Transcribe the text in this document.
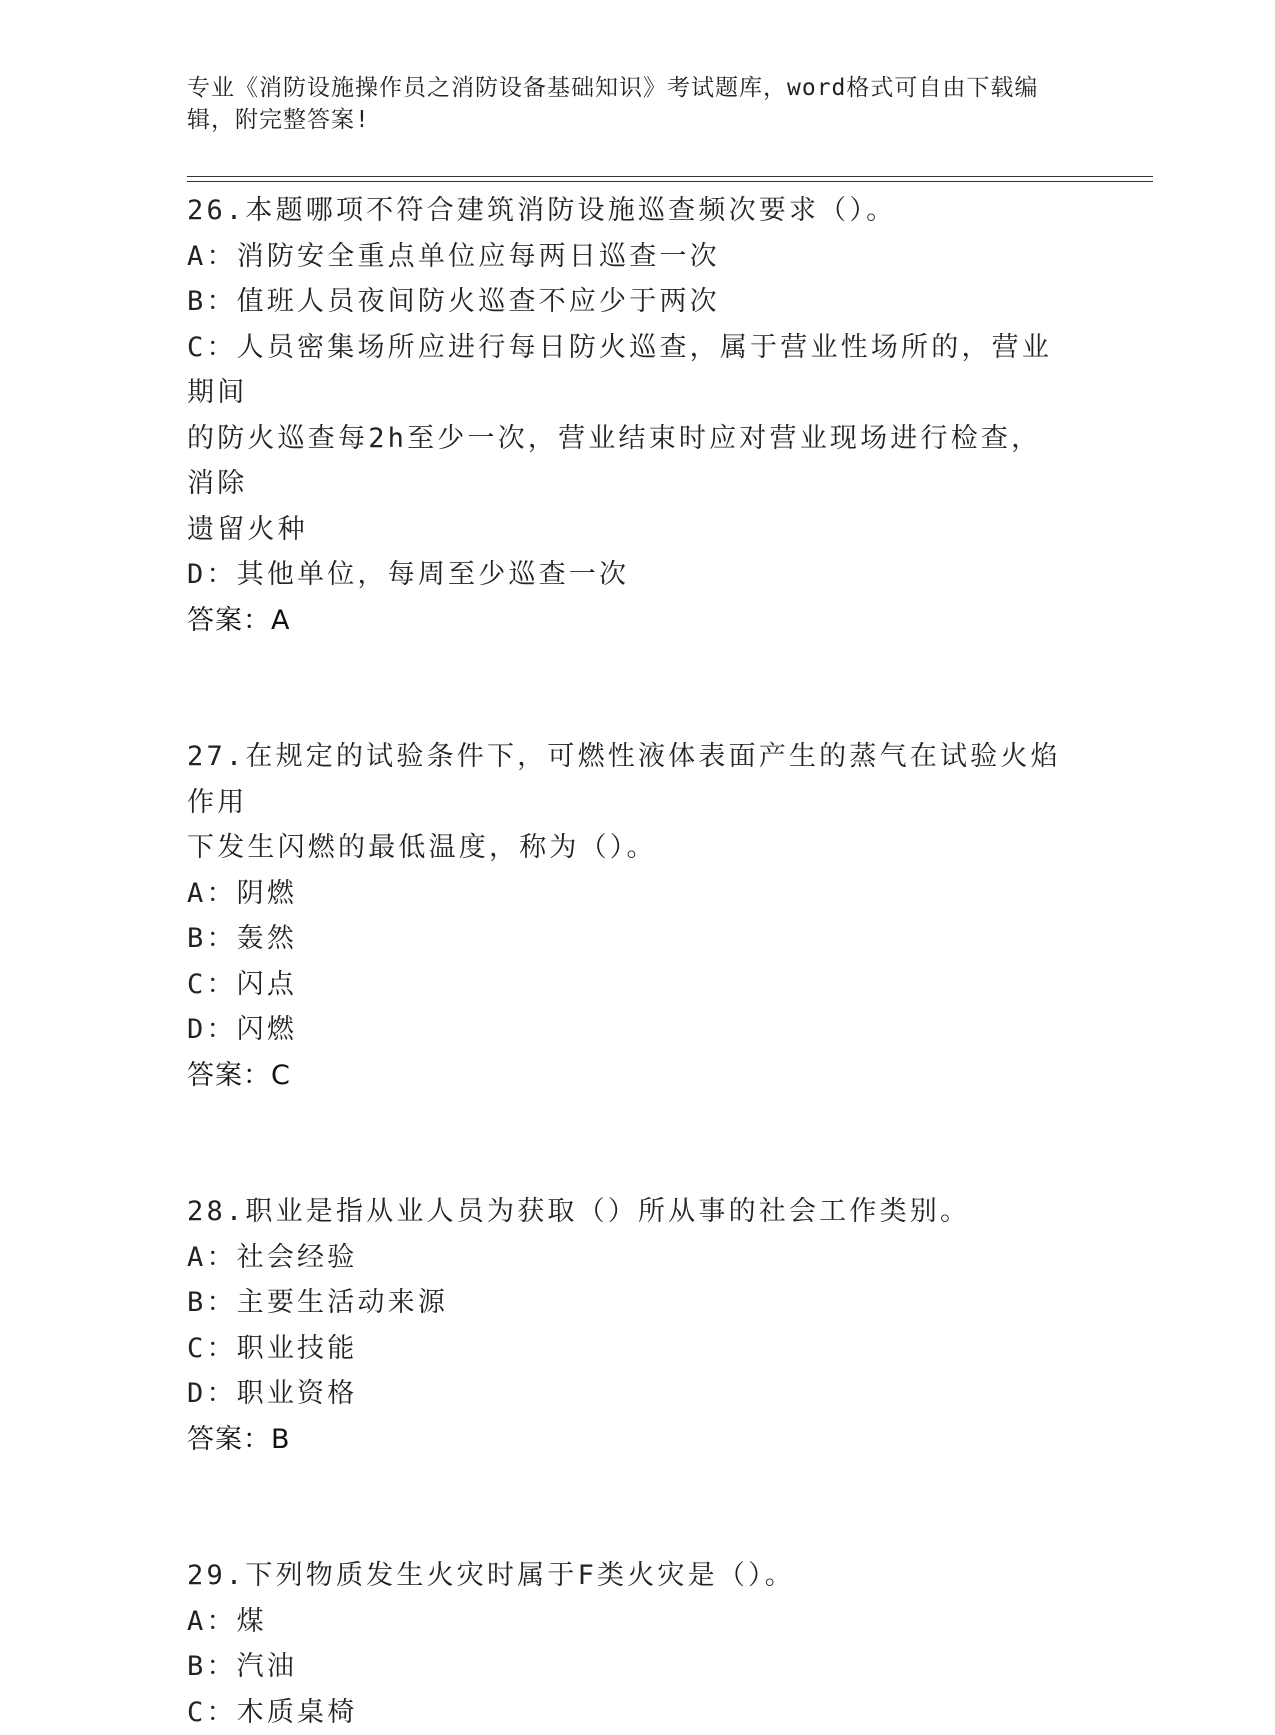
专业《消防设施操作员之消防设备基础知识》考试题库，word格式可自由下载编辑，附完整答案!
26.本题哪项不符合建筑消防设施巡查频次要求（）。
A：消防安全重点单位应每两日巡查一次
B：值班人员夜间防火巡查不应少于两次
C：人员密集场所应进行每日防火巡查，属于营业性场所的，营业期间
的防火巡查每2h至少一次，营业结束时应对营业现场进行检查，消除
遗留火种
D：其他单位，每周至少巡查一次
答案：A
27.在规定的试验条件下，可燃性液体表面产生的蒸气在试验火焰作用
下发生闪燃的最低温度，称为（）。
A：阴燃
B：轰然
C：闪点
D：闪燃
答案：C
28.职业是指从业人员为获取（）所从事的社会工作类别。
A：社会经验
B：主要生活动来源
C：职业技能
D：职业资格
答案：B
29.下列物质发生火灾时属于F类火灾是（）。
A：煤
B：汽油
C：木质桌椅
